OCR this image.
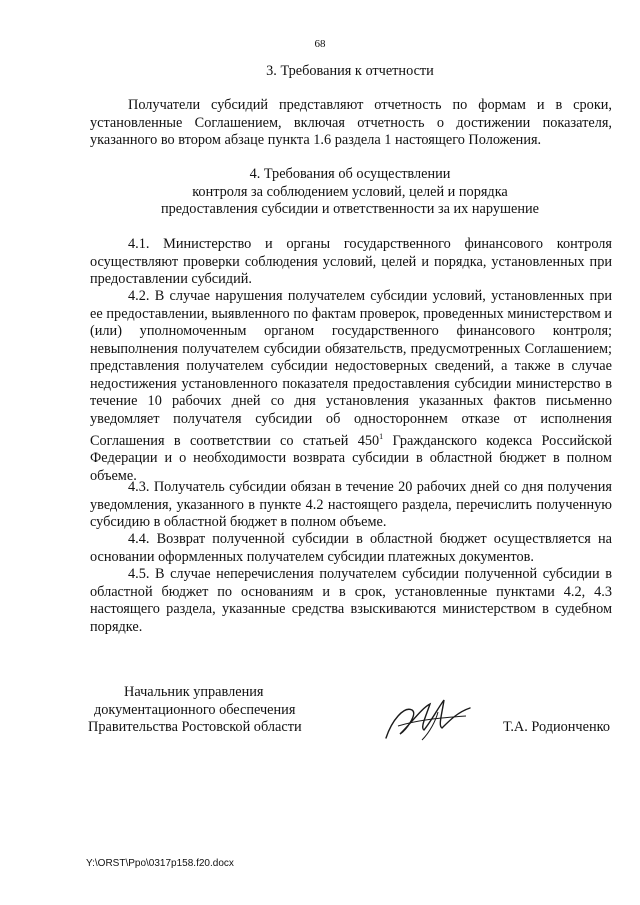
68
3. Требования к отчетности

Получатели субсидий представляют отчетность по формам и в сроки, установленные Соглашением, включая отчетность о достижении показателя, указанного во втором абзаце пункта 1.6 раздела 1 настоящего Положения.

4. Требования об осуществлении
контроля за соблюдением условий, целей и порядка
предоставления субсидии и ответственности за их нарушение

4.1. Министерство и органы государственного финансового контроля осуществляют проверки соблюдения условий, целей и порядка, установленных при предоставлении субсидий.

4.2. В случае нарушения получателем субсидии условий, установленных при ее предоставлении, выявленного по фактам проверок, проведенных министерством и (или) уполномоченным органом государственного финансового контроля; невыполнения получателем субсидии обязательств, предусмотренных Соглашением; представления получателем субсидии недостоверных сведений, а также в случае недостижения установленного показателя предоставления субсидии министерство в течение 10 рабочих дней со дня установления указанных фактов письменно уведомляет получателя субсидии об одностороннем отказе от исполнения Соглашения в соответствии со статьей $450^1$ Гражданского кодекса Российской Федерации и о необходимости возврата субсидии в областной бюджет в полном объеме.

4.3. Получатель субсидии обязан в течение 20 рабочих дней со дня получения уведомления, указанного в пункте 4.2 настоящего раздела, перечислить полученную субсидию в областной бюджет в полном объеме.

4.4. Возврат полученной субсидии в областной бюджет осуществляется на основании оформленных получателем субсидии платежных документов.

4.5. В случае неперечисления получателем субсидии полученной субсидии в областной бюджет по основаниям и в срок, установленные пунктами 4.2, 4.3 настоящего раздела, указанные средства взыскиваются министерством в судебном порядке.

Начальник управления
документационного обеспечения
Правительства Ростовской области	Т.А. Родионченко
Y:\ORST\Ppo\0317p158.f20.docx
